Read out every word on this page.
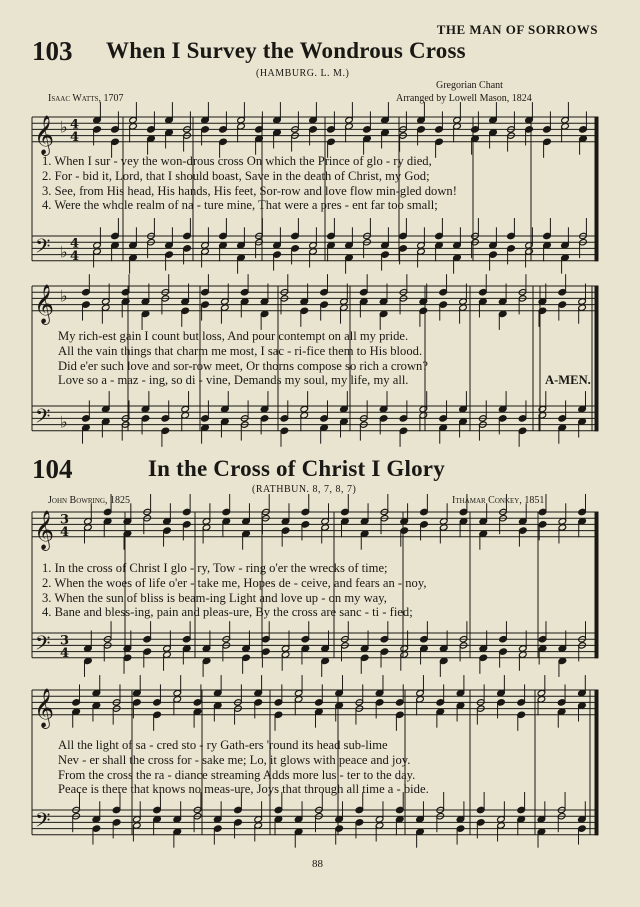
THE MAN OF SORROWS
103 When I Survey the Wondrous Cross
(HAMBURG. L. M.)
Gregorian Chant
Isaac Watts, 1707	Arranged by Lowell Mason, 1824
𝄞
𝄢
♭
♭
4
4
4
4
𝄞
𝄢
♭
♭
𝄞
𝄢
3
4
3
4
𝄞
𝄢
1. When I sur - vey the won-drous cross On which the Prince of glo - ry died,
2. For - bid it, Lord, that I should boast, Save in the death of Christ, my God;
3. See, from His head, His hands, His feet, Sor-row and love flow min-gled down!
4. Were the whole realm of na - ture mine, That were a pres - ent far too small;
My rich-est gain I count but loss, And pour contempt on all my pride.
All the vain things that charm me most, I sac - ri-fice them to His blood.
Did e'er such love and sor-row meet, Or thorns compose so rich a crown?
Love so a - maz - ing, so di - vine, Demands my soul, my life, my all.	A-MEN.
104	In the Cross of Christ I Glory
(RATHBUN. 8, 7, 8, 7)
John Bowring, 1825	Ithamar Conkey, 1851
1. In the cross of Christ I glo - ry, Tow - ring o'er the wrecks of time;
2. When the woes of life o'er - take me, Hopes de - ceive, and fears an - noy,
3. When the sun of bliss is beam-ing Light and love up - on my way,
4. Bane and bless-ing, pain and pleas-ure, By the cross are sanc - ti - fied;
All the light of sa - cred sto - ry Gath-ers 'round its head sub-lime
Nev - er shall the cross for - sake me; Lo, it glows with peace and joy.
From the cross the ra - diance streaming Adds more lus - ter to the day.
Peace is there that knows no meas-ure, Joys that through all time a - bide.
88
